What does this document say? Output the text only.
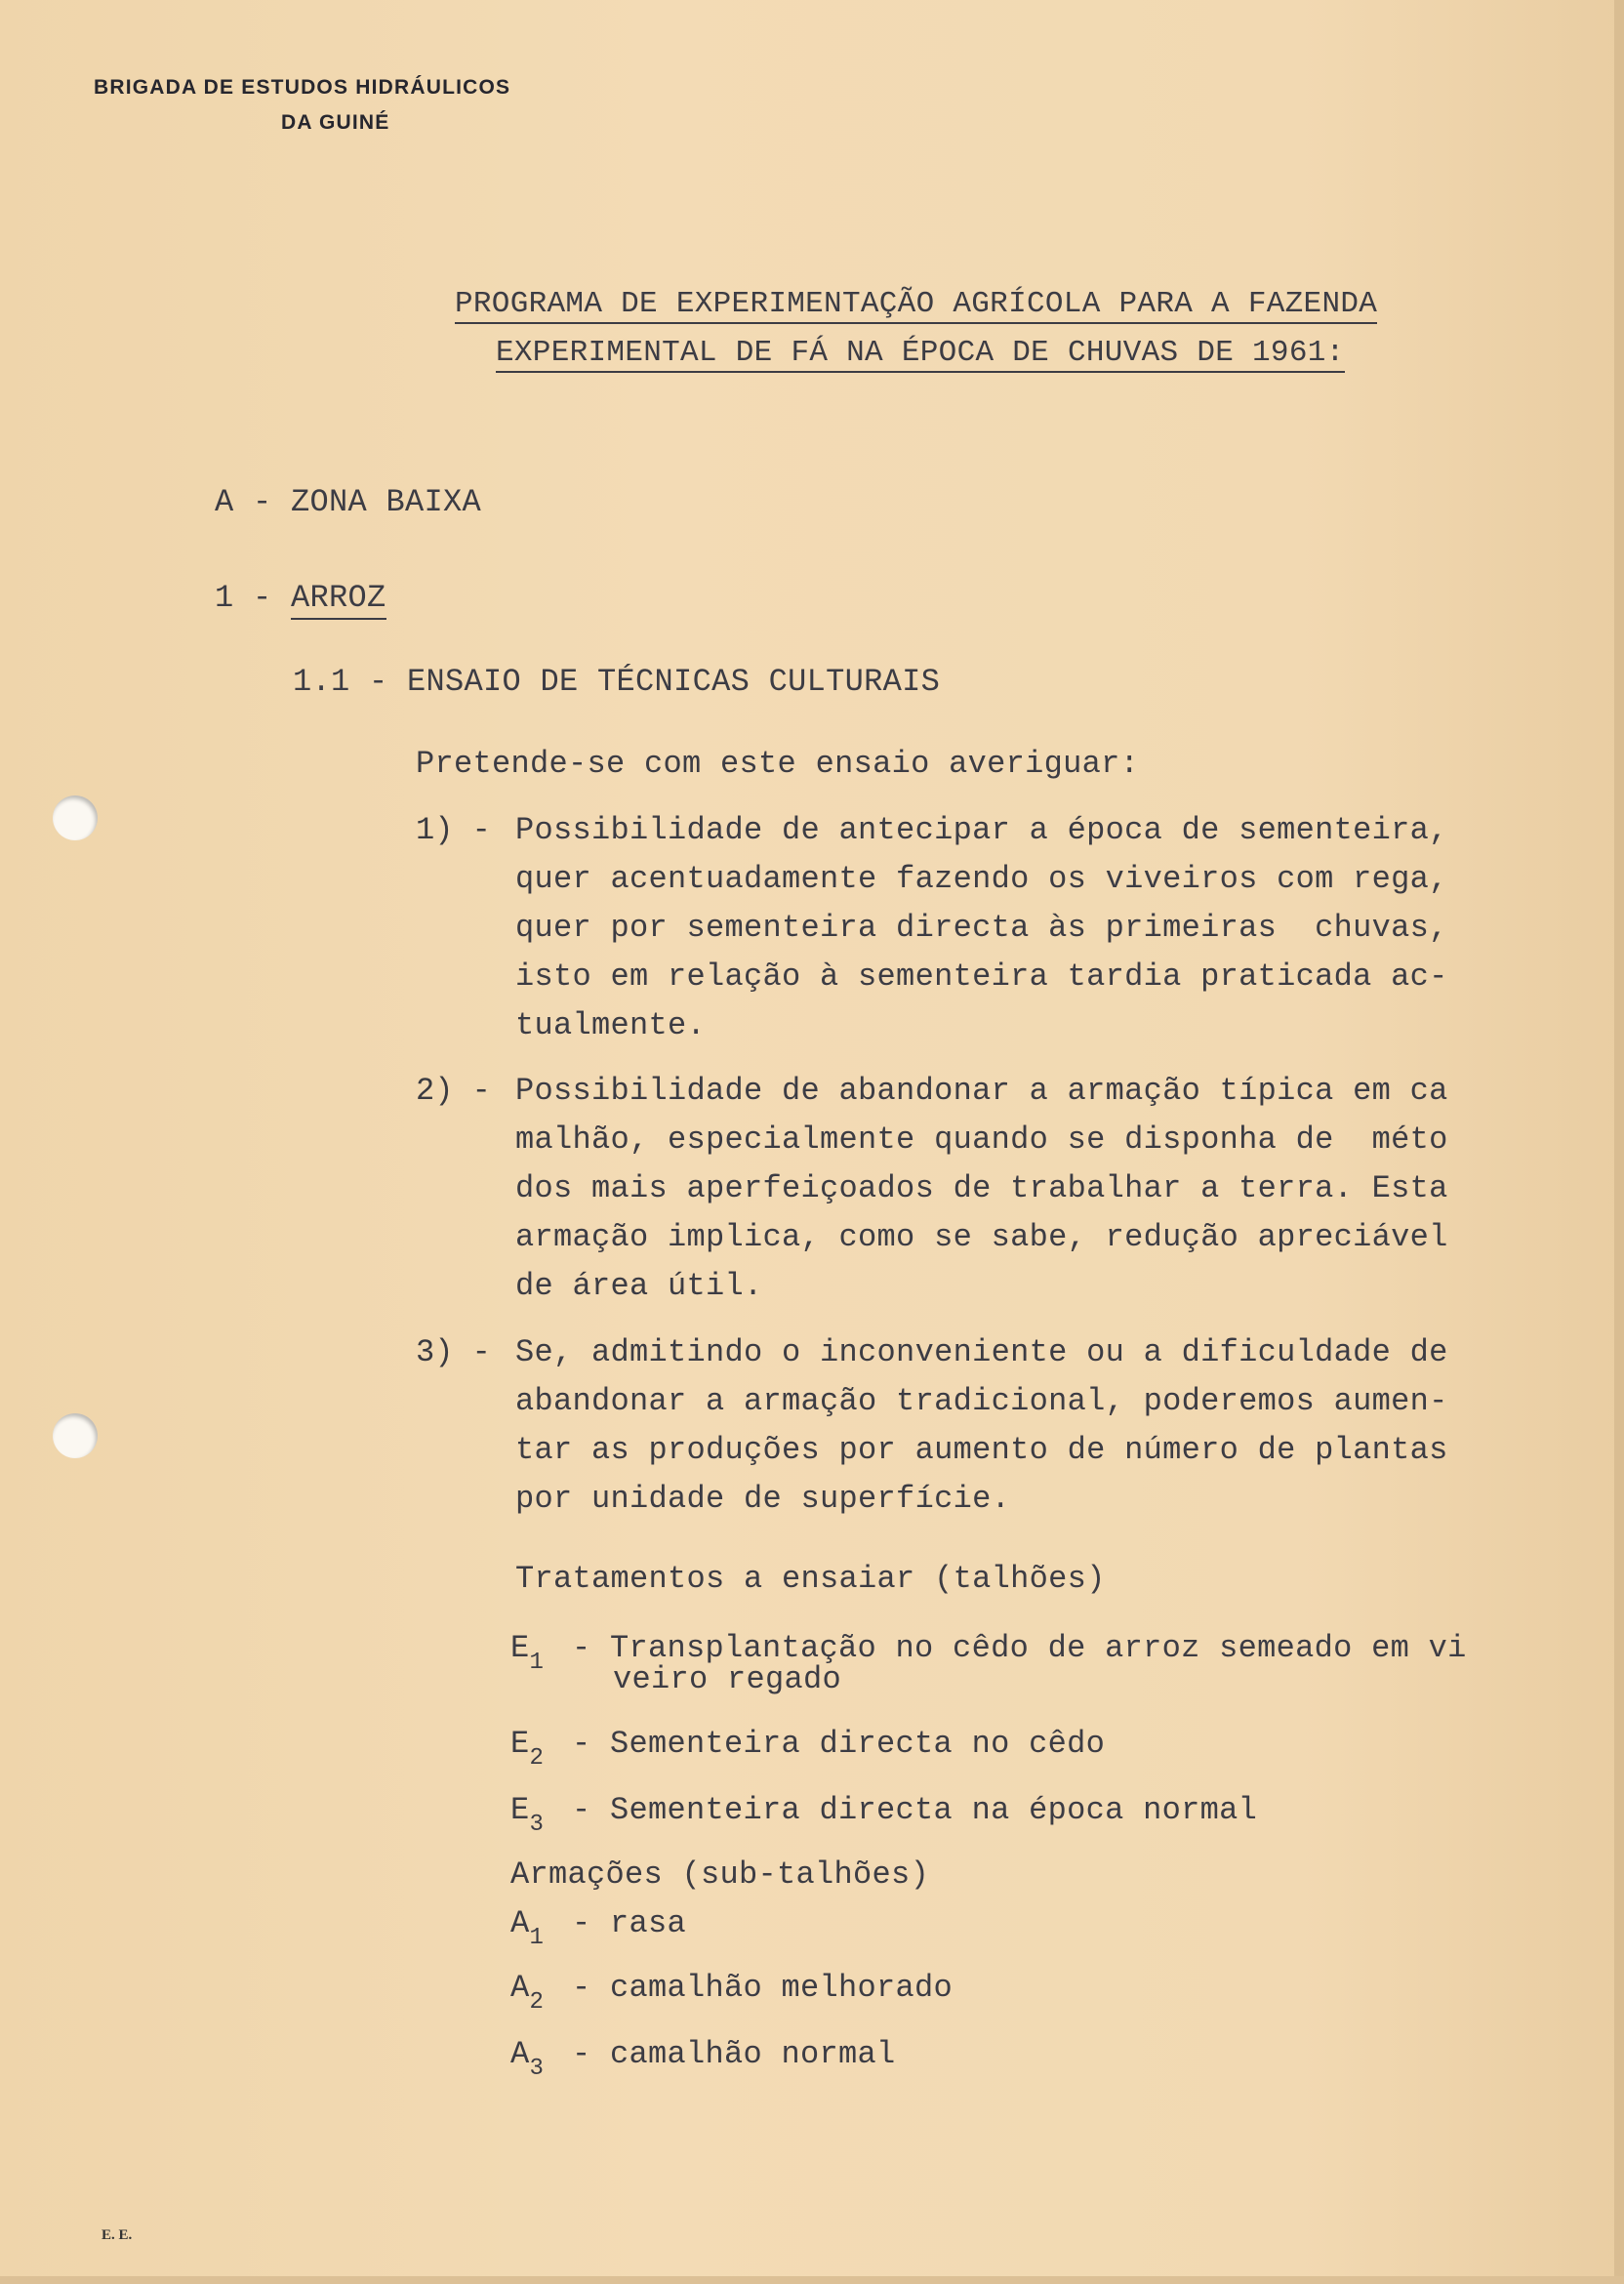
BRIGADA DE ESTUDOS HIDRÁULICOS
DA GUINÉ
PROGRAMA DE EXPERIMENTAÇÃO AGRÍCOLA PARA A FAZENDA
EXPERIMENTAL DE FÁ NA ÉPOCA DE CHUVAS DE 1961:
A - ZONA BAIXA
1 - ARROZ
1.1 - ENSAIO DE TÉCNICAS CULTURAIS
Pretende-se com este ensaio averiguar:
1) - Possibilidade de antecipar a época de sementeira,
quer acentuadamente fazendo os viveiros com rega,
quer por sementeira directa às primeiras  chuvas,
isto em relação à sementeira tardia praticada ac-
tualmente.
2) - Possibilidade de abandonar a armação típica em ca
malhão, especialmente quando se disponha de  méto
dos mais aperfeiçoados de trabalhar a terra. Esta
armação implica, como se sabe, redução apreciável
de área útil.
3) - Se, admitindo o inconveniente ou a dificuldade de
abandonar a armação tradicional, poderemos aumen-
tar as produções por aumento de número de plantas
por unidade de superfície.
Tratamentos a ensaiar (talhões)
$E_1$ - Transplantação no cêdo de arroz semeado em vi
veiro regado
$E_2$ - Sementeira directa no cêdo
$E_3$ - Sementeira directa na época normal
Armações (sub-talhões)
$A_1$ - rasa
$A_2$ - camalhão melhorado
$A_3$ - camalhão normal
E. E.
